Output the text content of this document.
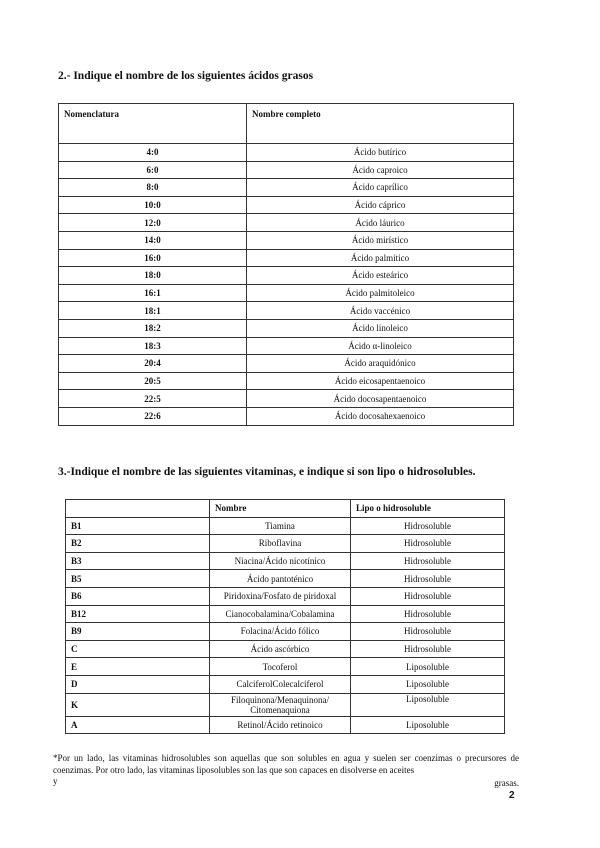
2.- Indique el nombre de los siguientes ácidos grasos
Nomenclatura	Nombre completo
4:0	Ácido butírico
6:0	Ácido caproico
8:0	Ácido caprílico
10:0	Ácido cáprico
12:0	Ácido láurico
14:0	Ácido mirístico
16:0	Ácido palmítico
18:0	Ácido esteárico
16:1	Ácido palmitoleico
18:1	Ácido vaccénico
18:2	Ácido linoleico
18:3	Ácido α-linoleico
20:4	Ácido araquidónico
20:5	Ácido eicosapentaenoico
22:5	Ácido docosapentaenoico
22:6	Ácido docosahexaenoico
3.-Indique el nombre de las siguientes vitaminas, e indique si son lipo o hidrosolubles.
	Nombre	Lipo o hidrosoluble
B1	Tiamina	Hidrosoluble
B2	Riboflavina	Hidrosoluble
B3	Niacina/Ácido nicotínico	Hidrosoluble
B5	Ácido pantoténico	Hidrosoluble
B6	Piridoxina/Fosfato de piridoxal	Hidrosoluble
B12	Cianocobalamina/Cobalamina	Hidrosoluble
B9	Folacina/Ácido fólico	Hidrosoluble
C	Ácido ascórbico	Hidrosoluble
E	Tocoferol	Liposoluble
D	CalciferolColecalciferol	Liposoluble
K	Filoquinona/Menaquinona/ Citomenaquiona	Liposoluble
A	Retinol/Ácido retinoico	Liposoluble
*Por un lado, las vitaminas hidrosolubles son aquellas que son solubles en agua y suelen ser coenzimas o precursores de coenzimas. Por otro lado, las vitaminas liposolubles son las que son capaces en disolverse en aceites
y	grasas.
2
